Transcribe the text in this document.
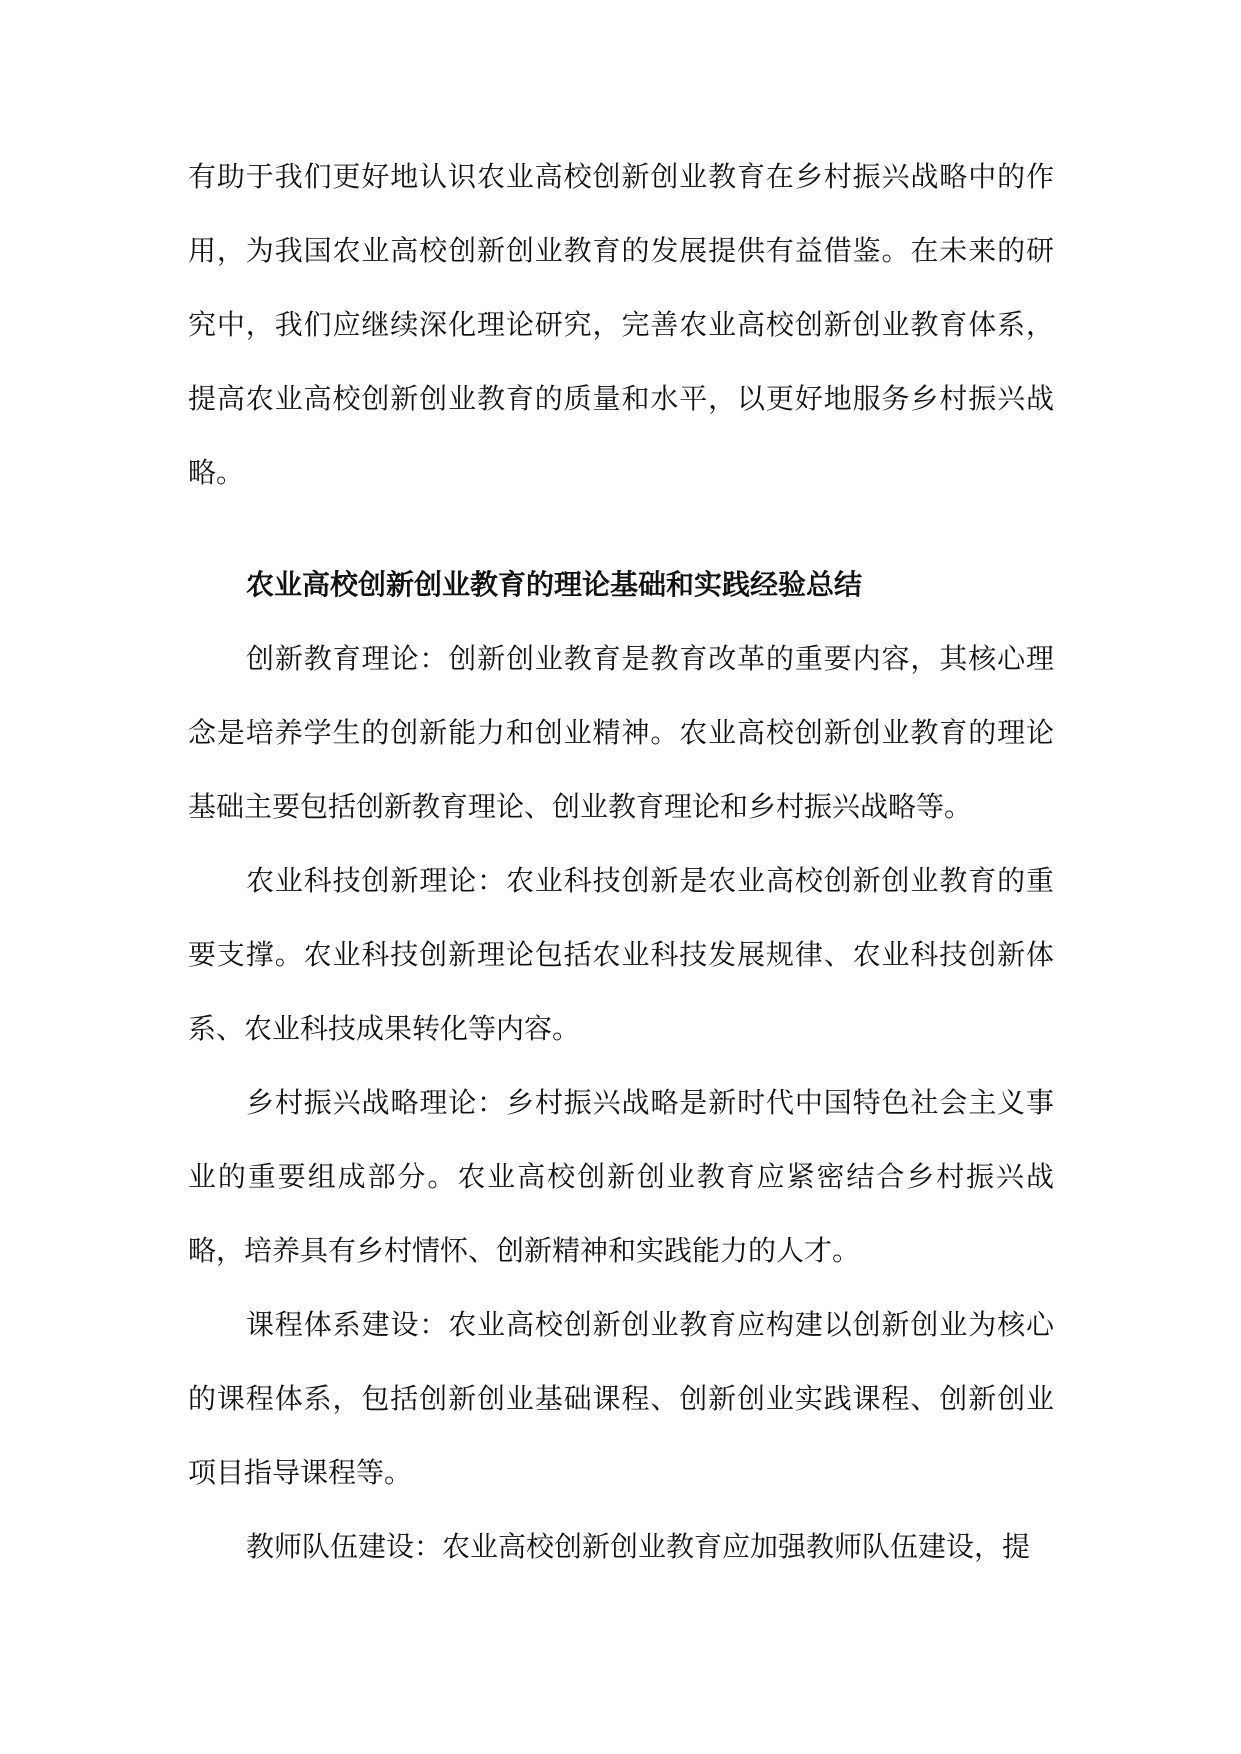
有助于我们更好地认识农业高校创新创业教育在乡村振兴战略中的作用，为我国农业高校创新创业教育的发展提供有益借鉴。在未来的研究中，我们应继续深化理论研究，完善农业高校创新创业教育体系，提高农业高校创新创业教育的质量和水平，以更好地服务乡村振兴战略。

农业高校创新创业教育的理论基础和实践经验总结

创新教育理论：创新创业教育是教育改革的重要内容，其核心理念是培养学生的创新能力和创业精神。农业高校创新创业教育的理论基础主要包括创新教育理论、创业教育理论和乡村振兴战略等。

农业科技创新理论：农业科技创新是农业高校创新创业教育的重要支撑。农业科技创新理论包括农业科技发展规律、农业科技创新体系、农业科技成果转化等内容。

乡村振兴战略理论：乡村振兴战略是新时代中国特色社会主义事业的重要组成部分。农业高校创新创业教育应紧密结合乡村振兴战略，培养具有乡村情怀、创新精神和实践能力的人才。

课程体系建设：农业高校创新创业教育应构建以创新创业为核心的课程体系，包括创新创业基础课程、创新创业实践课程、创新创业项目指导课程等。

教师队伍建设：农业高校创新创业教育应加强教师队伍建设，提
